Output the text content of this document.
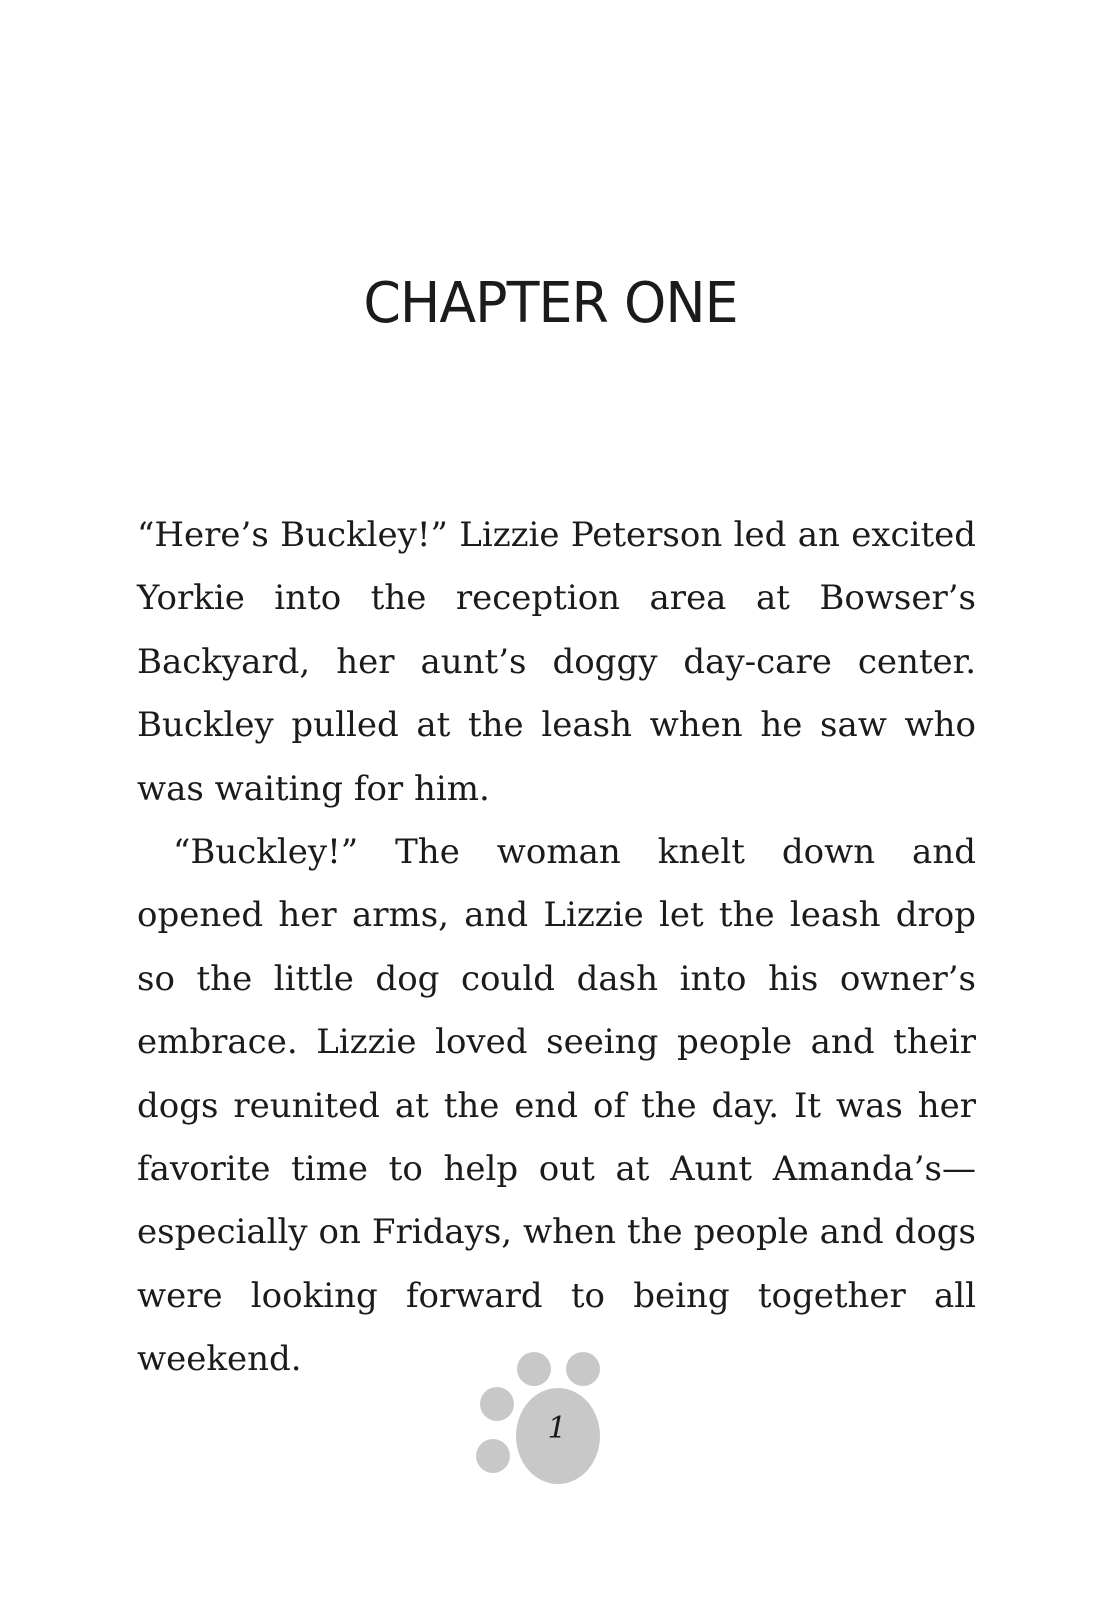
CHAPTER ONE

“Here’s Buckley!” Lizzie Peterson led an excited Yorkie into the reception area at Bowser’s Backyard, her aunt’s doggy day-care center. Buckley pulled at the leash when he saw who was waiting for him.

“Buckley!” The woman knelt down and opened her arms, and Lizzie let the leash drop so the little dog could dash into his owner’s embrace. Lizzie loved seeing people and their dogs reunited at the end of the day. It was her favorite time to help out at Aunt Amanda’s—especially on Fridays, when the people and dogs were looking forward to being together all weekend.

1
